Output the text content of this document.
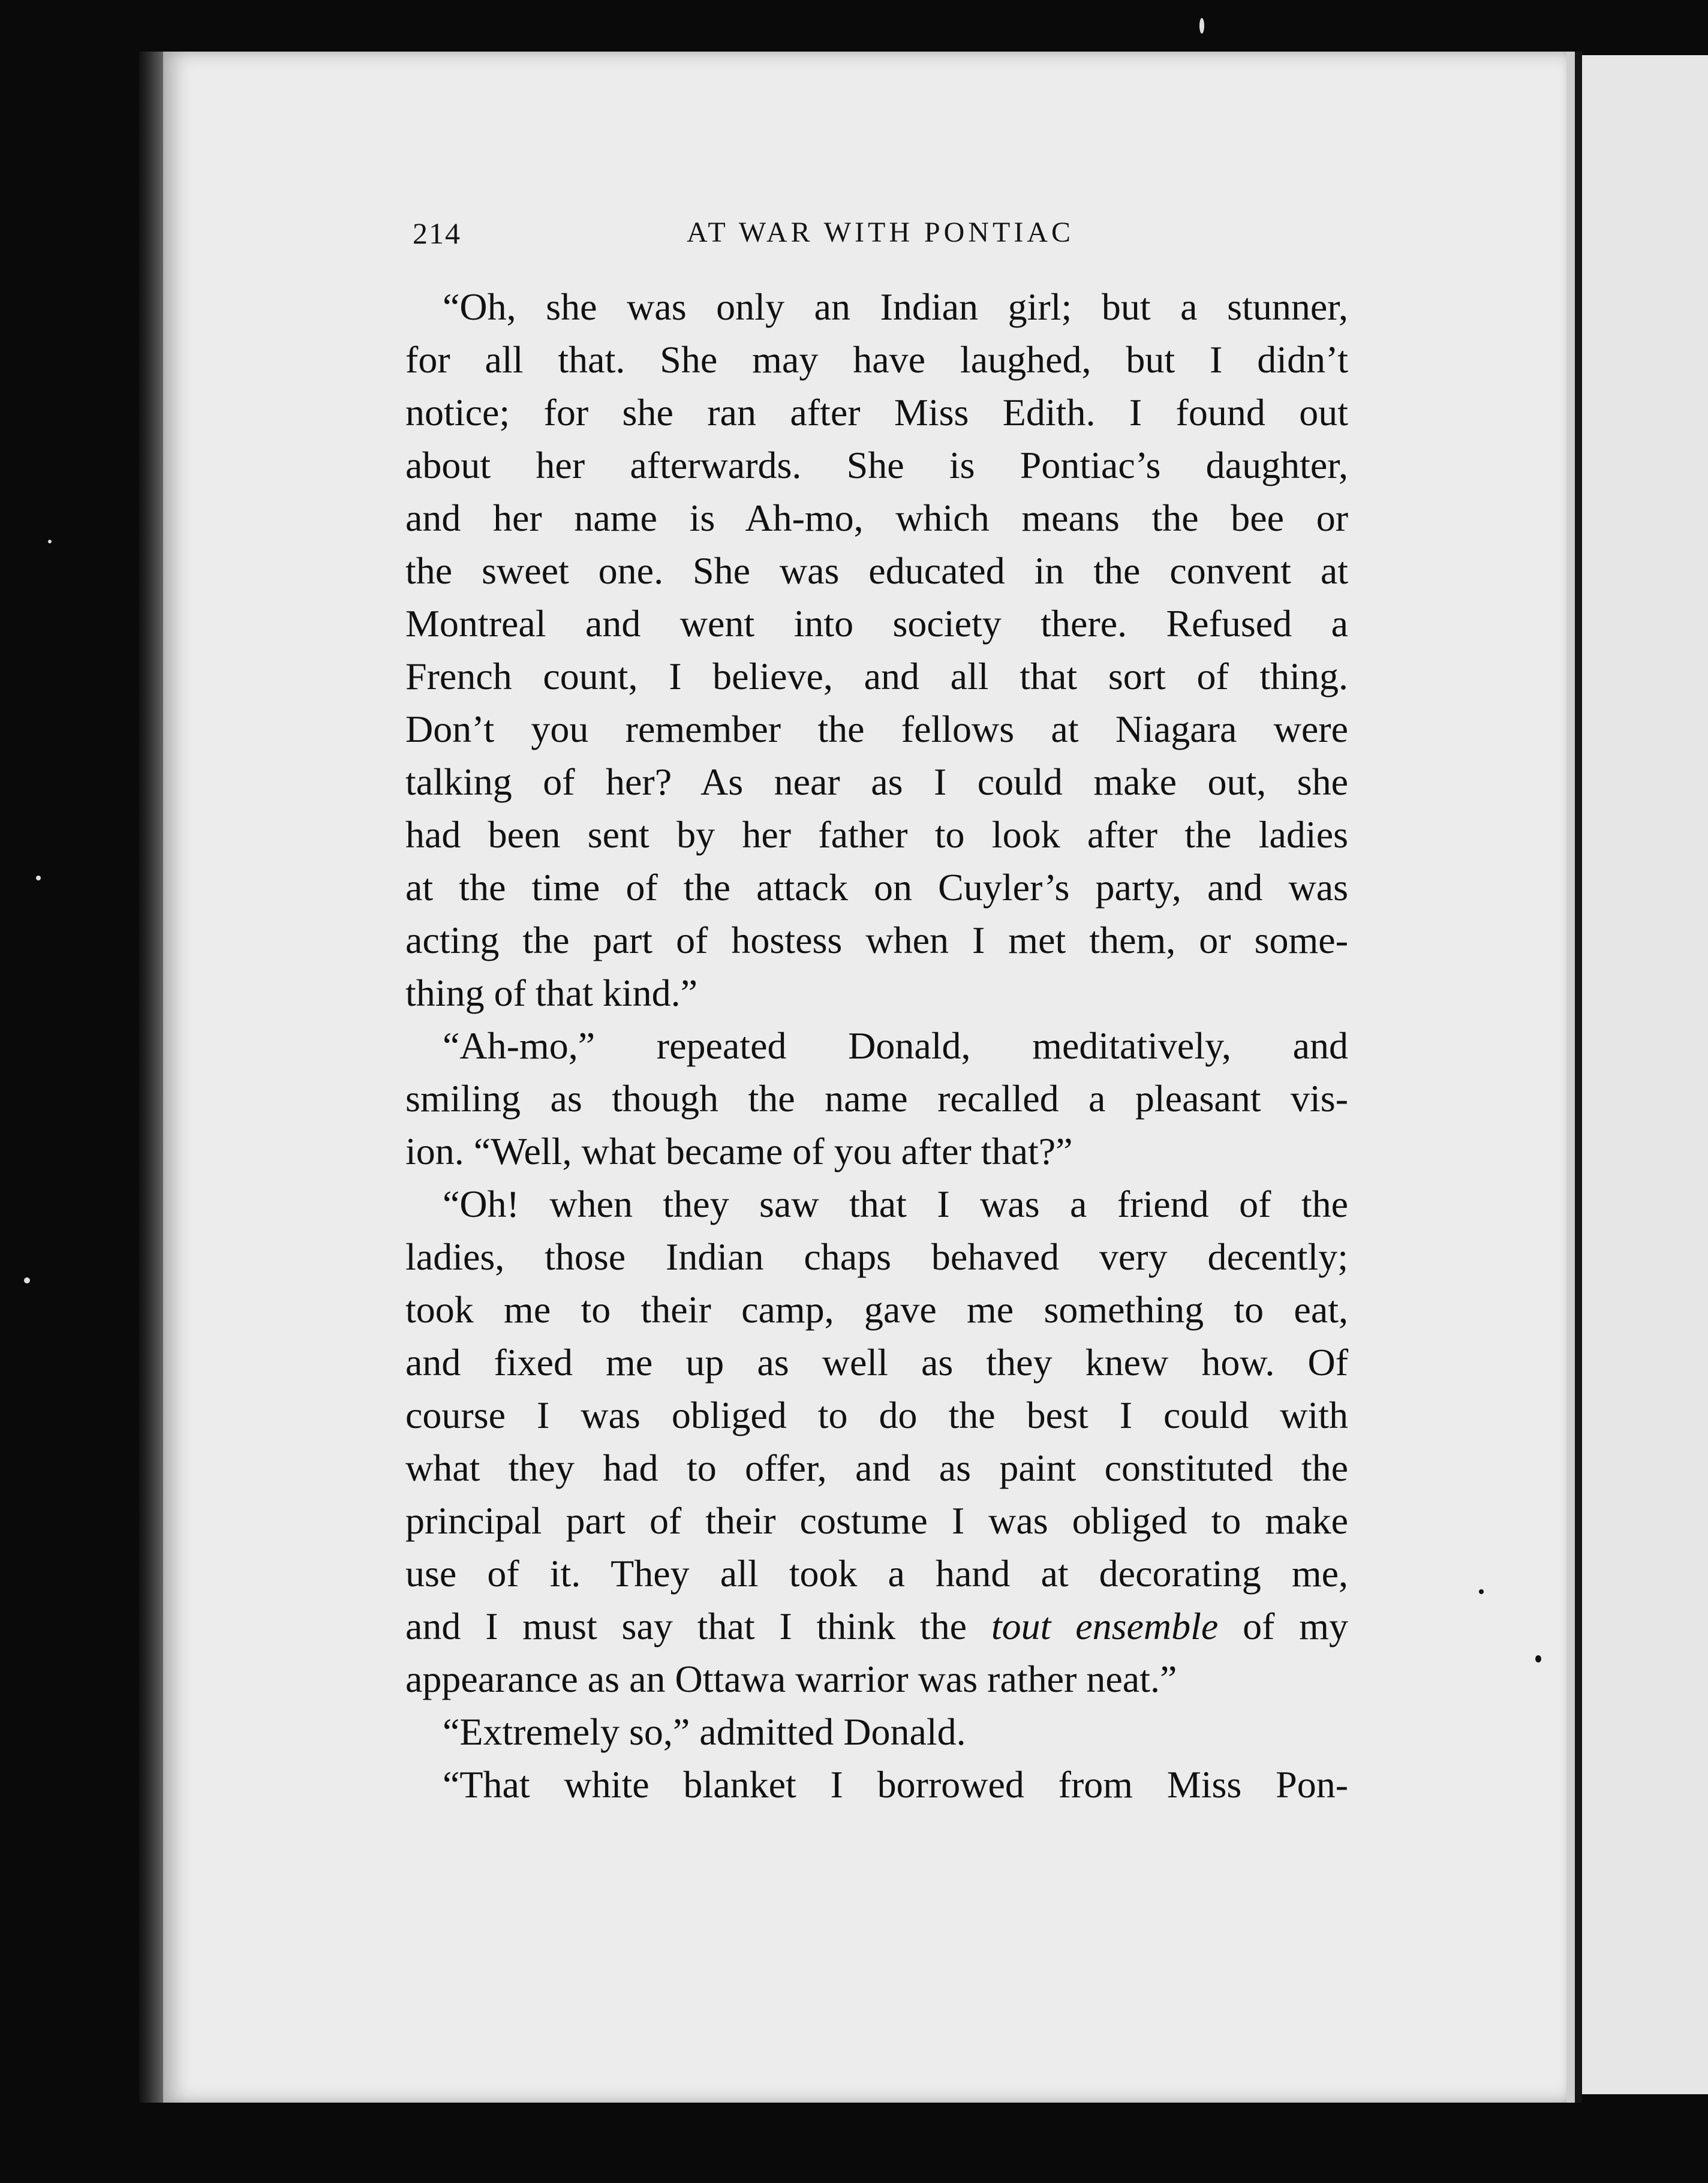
214	AT WAR WITH PONTIAC
“Oh, she was only an Indian girl; but a stunner,
for all that. She may have laughed, but I didn’t
notice; for she ran after Miss Edith. I found out
about her afterwards. She is Pontiac’s daughter,
and her name is Ah-mo, which means the bee or
the sweet one. She was educated in the convent at
Montreal and went into society there. Refused a
French count, I believe, and all that sort of thing.
Don’t you remember the fellows at Niagara were
talking of her? As near as I could make out, she
had been sent by her father to look after the ladies
at the time of the attack on Cuyler’s party, and was
acting the part of hostess when I met them, or some-
thing of that kind.”
“Ah-mo,” repeated Donald, meditatively, and
smiling as though the name recalled a pleasant vis-
ion. “Well, what became of you after that?”
“Oh! when they saw that I was a friend of the
ladies, those Indian chaps behaved very decently;
took me to their camp, gave me something to eat,
and fixed me up as well as they knew how. Of
course I was obliged to do the best I could with
what they had to offer, and as paint constituted the
principal part of their costume I was obliged to make
use of it. They all took a hand at decorating me,
and I must say that I think the tout ensemble of my
appearance as an Ottawa warrior was rather neat.”
“Extremely so,” admitted Donald.
“That white blanket I borrowed from Miss Pon-
